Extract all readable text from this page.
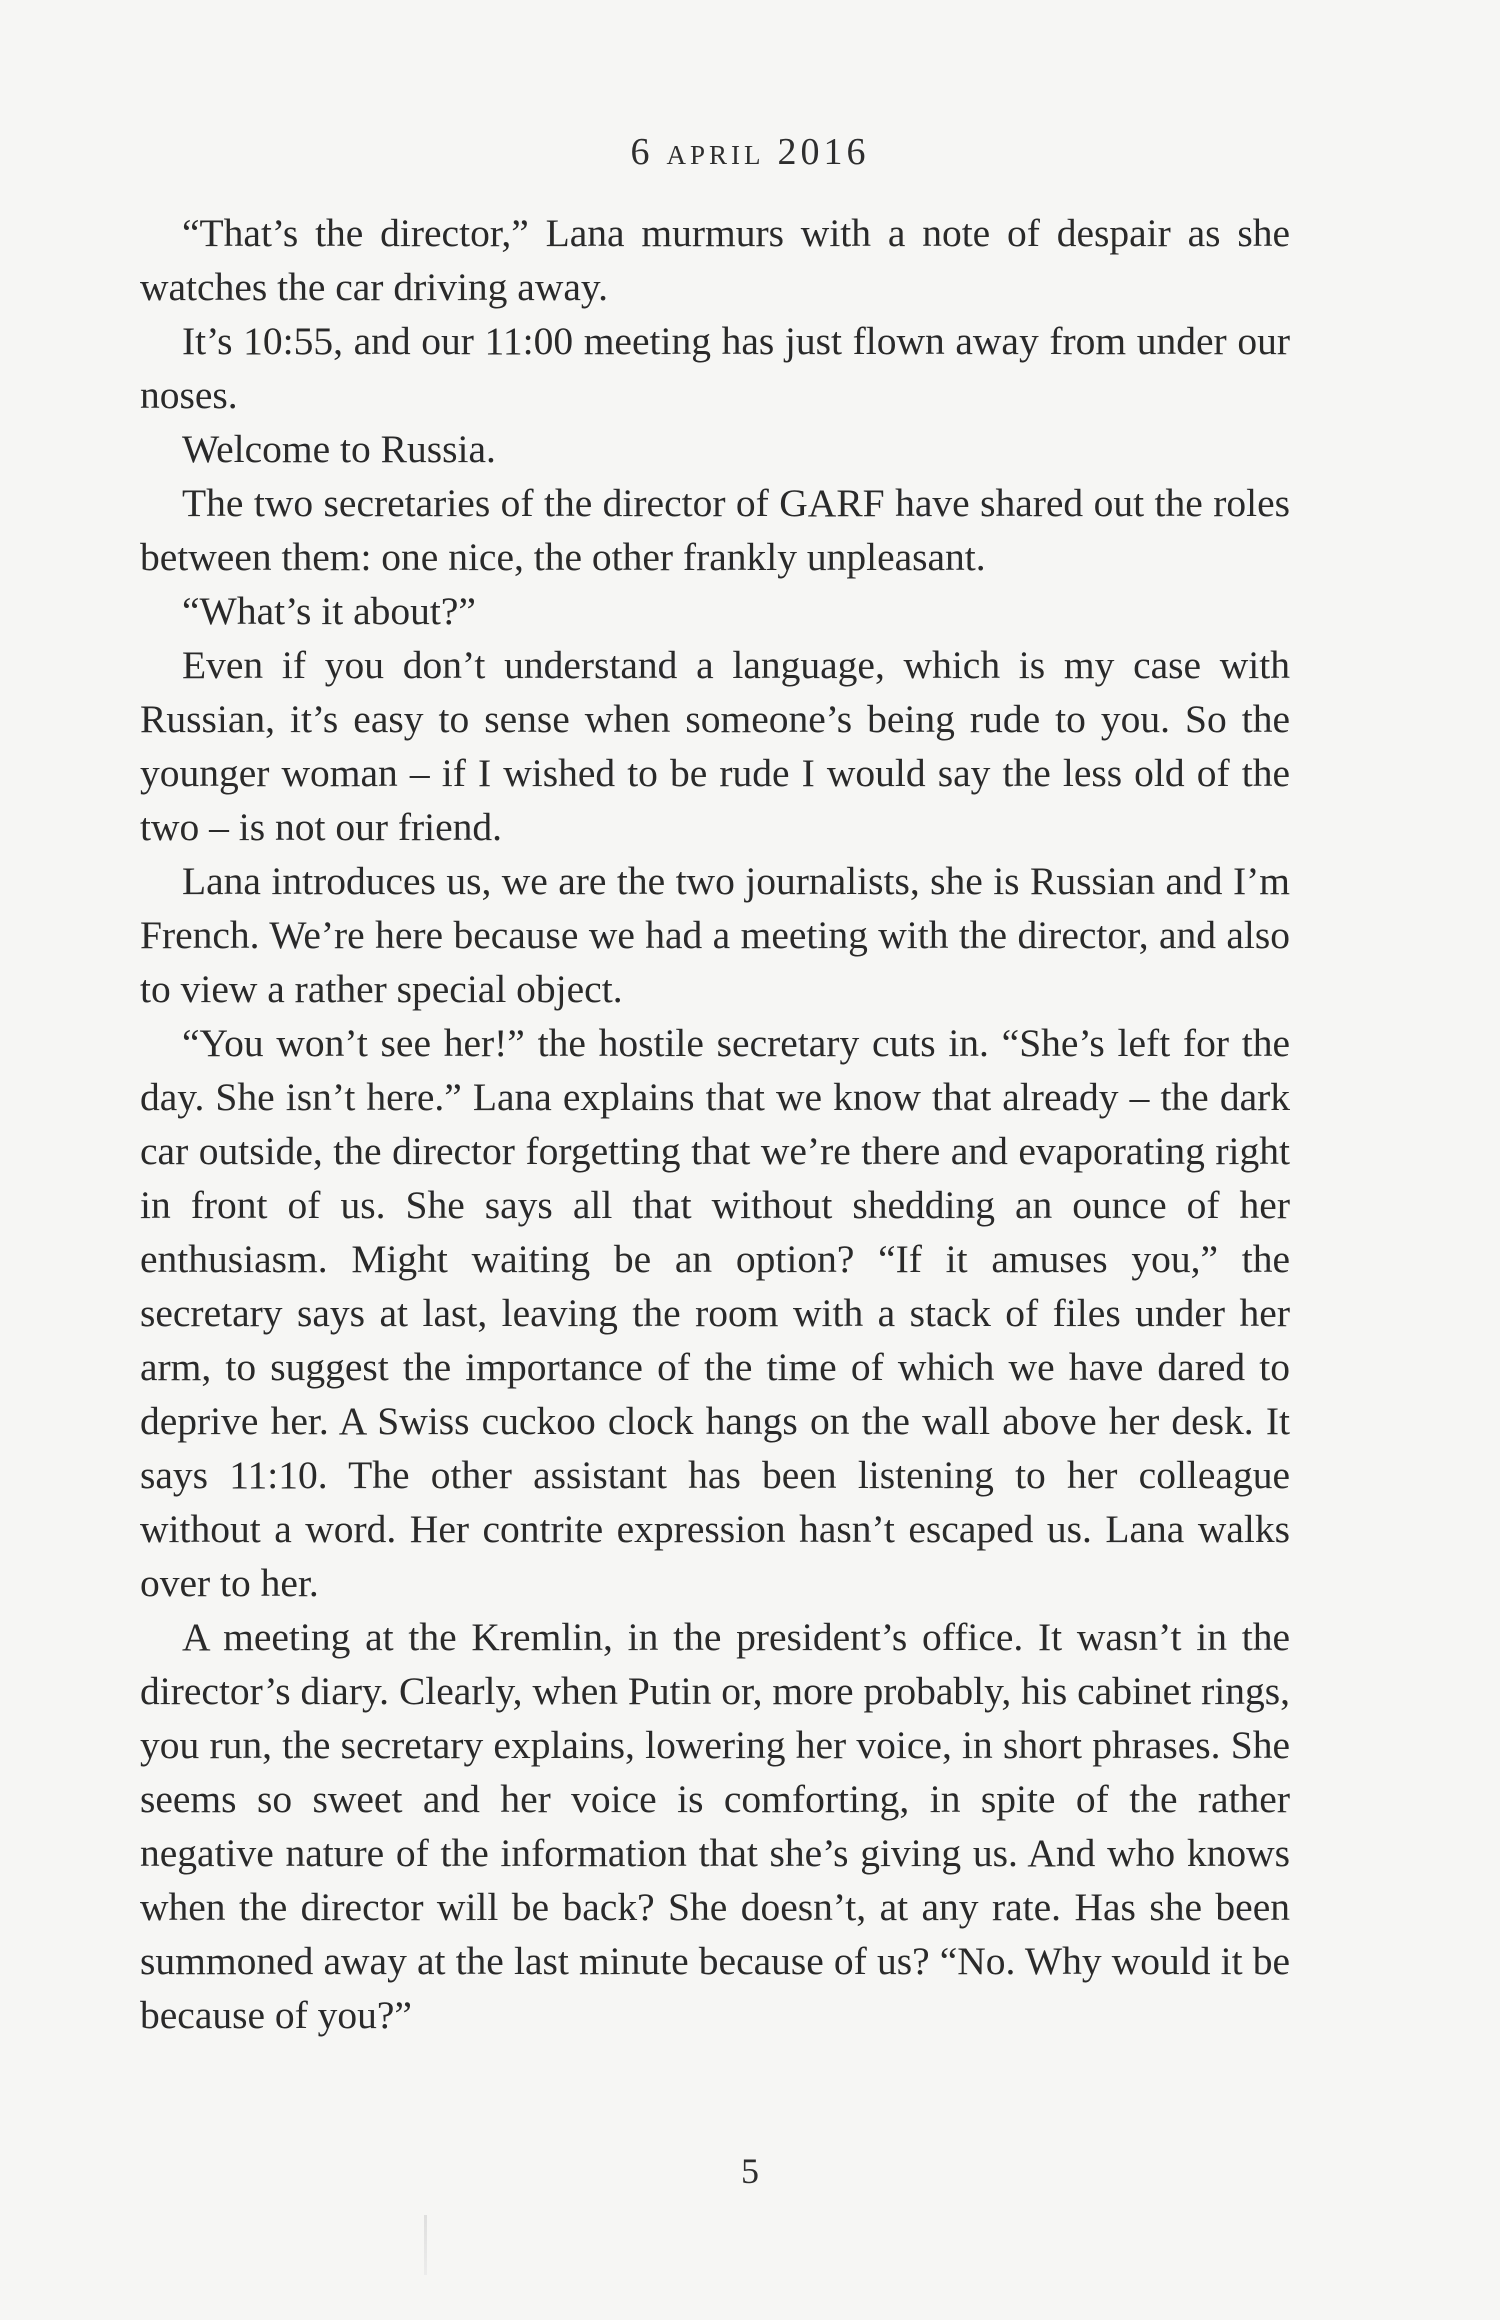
6 APRIL 2016

“That’s the director,” Lana murmurs with a note of despair as she watches the car driving away.

It’s 10:55, and our 11:00 meeting has just flown away from under our noses.

Welcome to Russia.

The two secretaries of the director of GARF have shared out the roles between them: one nice, the other frankly unpleasant.

“What’s it about?”

Even if you don’t understand a language, which is my case with Russian, it’s easy to sense when someone’s being rude to you. So the younger woman – if I wished to be rude I would say the less old of the two – is not our friend.

Lana introduces us, we are the two journalists, she is Russian and I’m French. We’re here because we had a meeting with the director, and also to view a rather special object.

“You won’t see her!” the hostile secretary cuts in. “She’s left for the day. She isn’t here.” Lana explains that we know that already – the dark car outside, the director forgetting that we’re there and evaporating right in front of us. She says all that without shedding an ounce of her enthusiasm. Might waiting be an option? “If it amuses you,” the secretary says at last, leaving the room with a stack of files under her arm, to suggest the importance of the time of which we have dared to deprive her. A Swiss cuckoo clock hangs on the wall above her desk. It says 11:10. The other assistant has been listening to her colleague without a word. Her contrite expression hasn’t escaped us. Lana walks over to her.

A meeting at the Kremlin, in the president’s office. It wasn’t in the director’s diary. Clearly, when Putin or, more probably, his cabinet rings, you run, the secretary explains, lowering her voice, in short phrases. She seems so sweet and her voice is comforting, in spite of the rather negative nature of the information that she’s giving us. And who knows when the director will be back? She doesn’t, at any rate. Has she been summoned away at the last minute because of us? “No. Why would it be because of you?”

5
